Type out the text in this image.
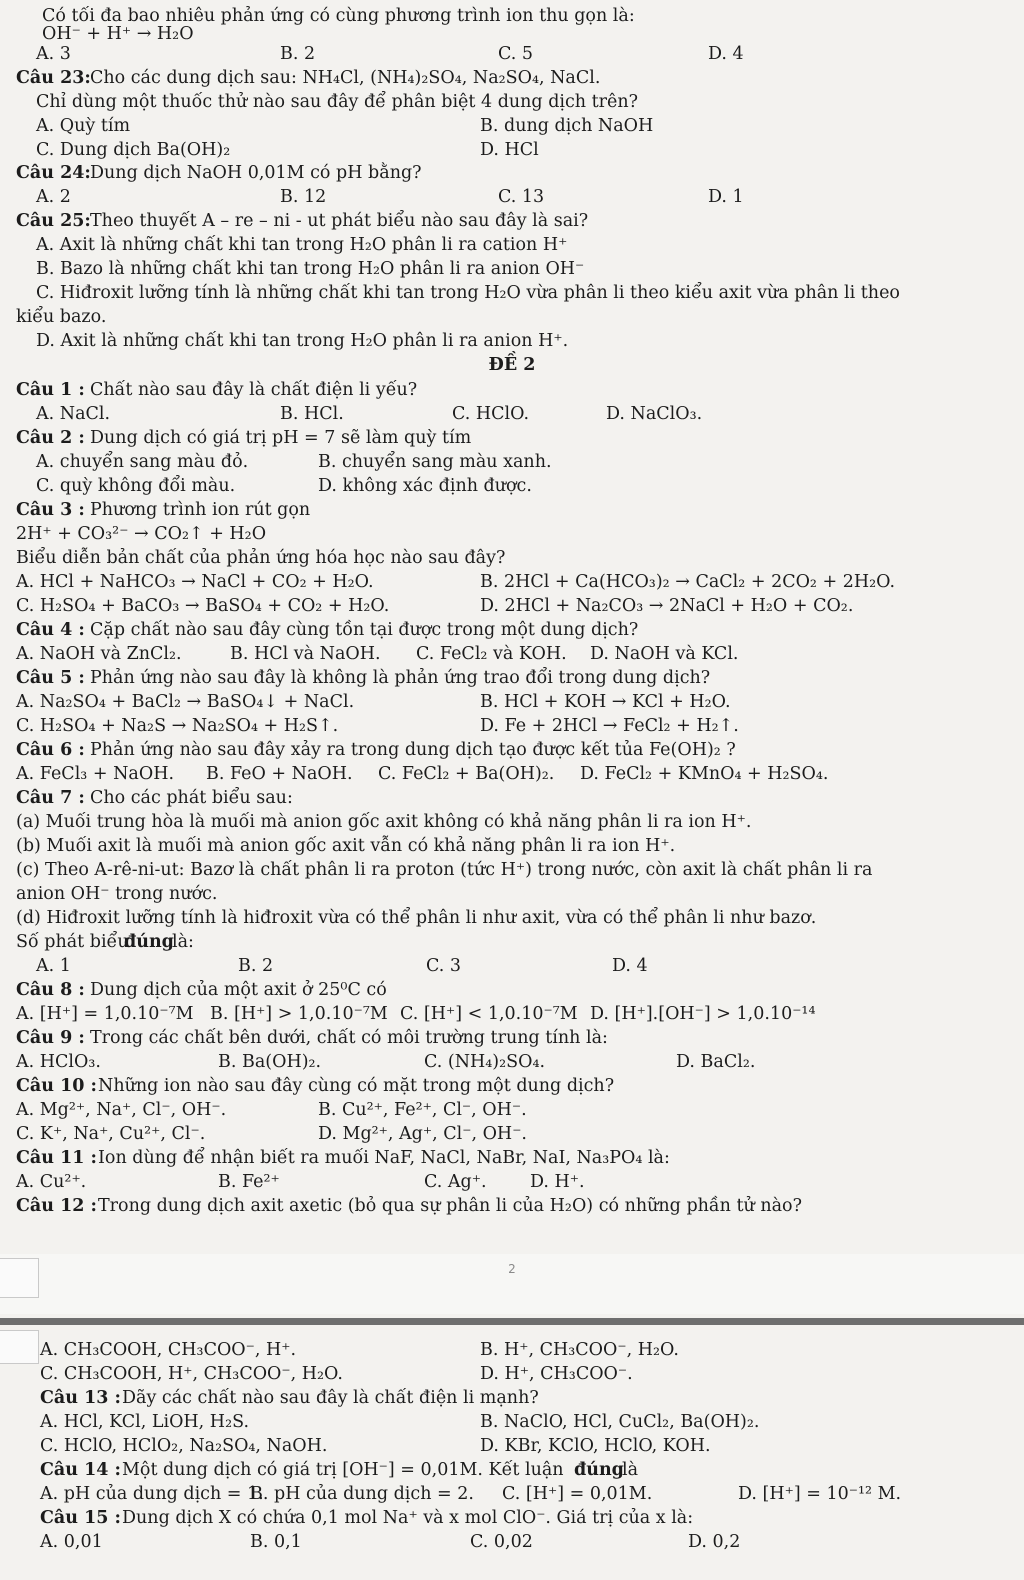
Có tối đa bao nhiêu phản ứng có cùng phương trình ion thu gọn là:
OH⁻ + H⁺ → H₂O
A. 3	B. 2	C. 5	D. 4
Câu 23: Cho các dung dịch sau: NH₄Cl, (NH₄)₂SO₄, Na₂SO₄, NaCl.
Chỉ dùng một thuốc thử nào sau đây để phân biệt 4 dung dịch trên?
A. Quỳ tím	B. dung dịch NaOH
C. Dung dịch Ba(OH)₂	D. HCl
Câu 24: Dung dịch NaOH 0,01M có pH bằng?
A. 2	B. 12	C. 13	D. 1
Câu 25: Theo thuyết A – re – ni - ut phát biểu nào sau đây là sai?
A. Axit là những chất khi tan trong H₂O phân li ra cation H⁺
B. Bazo là những chất khi tan trong H₂O phân li ra anion OH⁻
C. Hiđroxit lưỡng tính là những chất khi tan trong H₂O vừa phân li theo kiểu axit vừa phân li theo
kiểu bazo.
D. Axit là những chất khi tan trong H₂O phân li ra anion H⁺.
ĐỀ 2
Câu 1 : Chất nào sau đây là chất điện li yếu?
A. NaCl.	B. HCl.	C. HClO.	D. NaClO₃.
Câu 2 : Dung dịch có giá trị pH = 7 sẽ làm quỳ tím
A. chuyển sang màu đỏ.	B. chuyển sang màu xanh.
C. quỳ không đổi màu.	D. không xác định được.
Câu 3 : Phương trình ion rút gọn
2H⁺ + CO₃²⁻ → CO₂↑ + H₂O
Biểu diễn bản chất của phản ứng hóa học nào sau đây?
A. HCl + NaHCO₃ → NaCl + CO₂ + H₂O.	B. 2HCl + Ca(HCO₃)₂ → CaCl₂ + 2CO₂ + 2H₂O.
C. H₂SO₄ + BaCO₃ → BaSO₄ + CO₂ + H₂O.	D. 2HCl + Na₂CO₃ → 2NaCl + H₂O + CO₂.
Câu 4 : Cặp chất nào sau đây cùng tồn tại được trong một dung dịch?
A. NaOH và ZnCl₂.	B. HCl và NaOH. C. FeCl₂ và KOH. D. NaOH và KCl.
Câu 5 : Phản ứng nào sau đây là không là phản ứng trao đổi trong dung dịch?
A. Na₂SO₄ + BaCl₂ → BaSO₄↓ + NaCl.	B. HCl + KOH → KCl + H₂O.
C. H₂SO₄ + Na₂S → Na₂SO₄ + H₂S↑.	D. Fe + 2HCl → FeCl₂ + H₂↑.
Câu 6 : Phản ứng nào sau đây xảy ra trong dung dịch tạo được kết tủa Fe(OH)₂ ?
A. FeCl₃ + NaOH. B. FeO + NaOH. C. FeCl₂ + Ba(OH)₂. D. FeCl₂ + KMnO₄ + H₂SO₄.
Câu 7 : Cho các phát biểu sau:
(a) Muối trung hòa là muối mà anion gốc axit không có khả năng phân li ra ion H⁺.
(b) Muối axit là muối mà anion gốc axit vẫn có khả năng phân li ra ion H⁺.
(c) Theo A-rê-ni-ut: Bazơ là chất phân li ra proton (tức H⁺) trong nước, còn axit là chất phân li ra
anion OH⁻ trong nước.
(d) Hiđroxit lưỡng tính là hiđroxit vừa có thể phân li như axit, vừa có thể phân li như bazơ.
Số phát biểu
đúng
là:
A. 1	B. 2	C. 3	D. 4
Câu 8 : Dung dịch của một axit ở 25⁰C có
A. [H⁺] = 1,0.10⁻⁷M B. [H⁺] > 1,0.10⁻⁷M C. [H⁺] < 1,0.10⁻⁷M D. [H⁺].[OH⁻] > 1,0.10⁻¹⁴
Câu 9 : Trong các chất bên dưới, chất có môi trường trung tính là:
A. HClO₃.	B. Ba(OH)₂.	C. (NH₄)₂SO₄.	D. BaCl₂.
Câu 10 : Những ion nào sau đây cùng có mặt trong một dung dịch?
A. Mg²⁺, Na⁺, Cl⁻, OH⁻.	B. Cu²⁺, Fe²⁺, Cl⁻, OH⁻.
C. K⁺, Na⁺, Cu²⁺, Cl⁻.	D. Mg²⁺, Ag⁺, Cl⁻, OH⁻.
Câu 11 : Ion dùng để nhận biết ra muối NaF, NaCl, NaBr, NaI, Na₃PO₄ là:
A. Cu²⁺.	B. Fe²⁺	C. Ag⁺. D. H⁺.
Câu 12 : Trong dung dịch axit axetic (bỏ qua sự phân li của H₂O) có những phần tử nào?
A. CH₃COOH, CH₃COO⁻, H⁺.	B. H⁺, CH₃COO⁻, H₂O.
C. CH₃COOH, H⁺, CH₃COO⁻, H₂O.	D. H⁺, CH₃COO⁻.
Câu 13 : Dãy các chất nào sau đây là chất điện li mạnh?
A. HCl, KCl, LiOH, H₂S.	B. NaClO, HCl, CuCl₂, Ba(OH)₂.
C. HClO, HClO₂, Na₂SO₄, NaOH.	D. KBr, KClO, HClO, KOH.
Câu 14 : Một dung dịch có giá trị [OH⁻] = 0,01M. Kết luận đúng
là
A. pH của dung dịch = 1.
B. pH của dung dịch = 2. C. [H⁺] = 0,01M.	D. [H⁺] = 10⁻¹² M.
Câu 15 : Dung dịch X có chứa 0,1 mol Na⁺ và x mol ClO⁻. Giá trị của x là:
A. 0,01	B. 0,1	C. 0,02	D. 0,2
2
